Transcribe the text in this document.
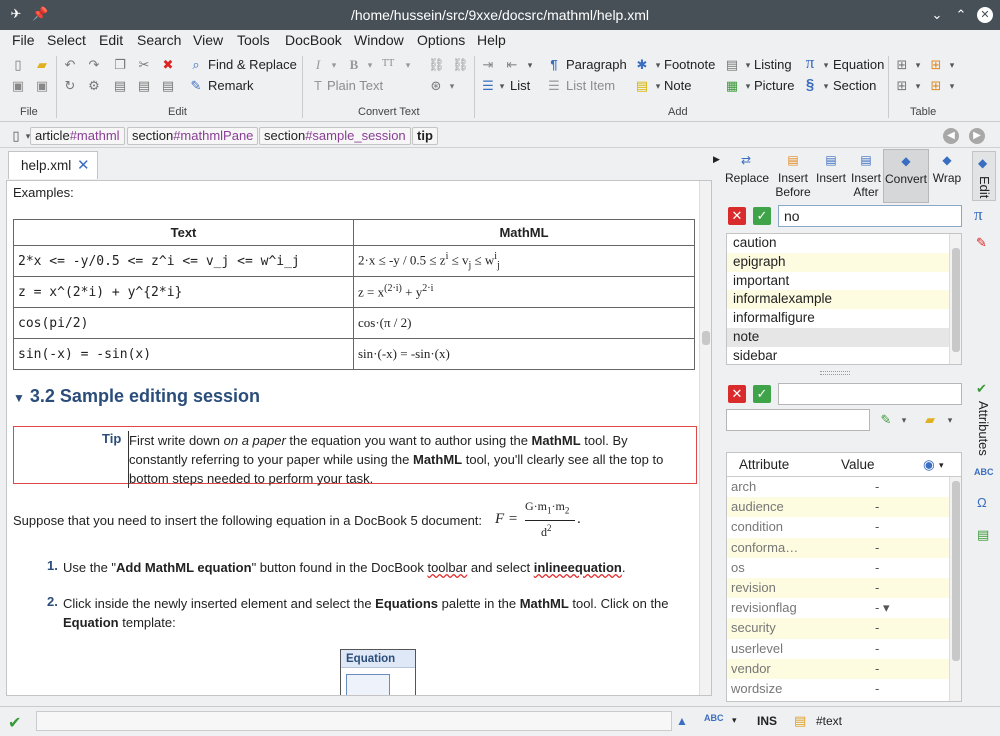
✈ 📌	/home/hussein/src/9xxe/docsrc/mathml/help.xml	⌄ ⌃	✕
File Select Edit Search View Tools DocBook Window Options Help
▯	▰
▣ ▣
File
↶ ↷ ❐ ✂ ✖
↻ ⚙ ▤ ▤ ▤
⌕ Find & Replace
✎ Remark
Edit
I	▾	B	▾ TT	▾	⛓ ⛓
T Plain Text	⊛ ▾
Convert Text
⇥ ⇤	▾	¶ Paragraph
☰ ▾ List ☰ List Item
✱ ▾ Footnote
▤ ▾ Note
▤ ▾ Listing
▦ ▾ Picture
π	▾ Equation
§	▾ Section
Add
⊞ ▾ ⊞ ▾
⊞ ▾ ⊞ ▾
Table
▯ ▾ article#mathml section#mathmlPane section#sample_session tip	◀	▶
help.xml ✕	▶
Examples:
Text	MathML
2*x <= -y/0.5 <= z^i <= v_j <= w^i_j	$2\cdot x \le -y / 0.5 \le z^i \le v_j \le w^i_j$
z = x^(2*i) + y^{2*i}	$z = x^{(2\cdot i)} + y^{2\cdot i}$
cos(pi/2)	cos·(π / 2)
sin(-x) = -sin(x)	sin·(-x) = -sin·(x)
▼ 3.2 Sample editing session
Tip First write down on a paper the equation you want to author using the MathML tool. By constantly referring to your paper while using the MathML tool, you'll clearly see all the top to bottom steps needed to perform your task.
Suppose that you need to insert the following equation in a DocBook 5 document: F =
$G\cdot m_1\cdot m_2$
$d^2$
.
1. Use the "Add MathML equation" button found in the DocBook toolbar and select inlineequation.
2. Click inside the newly inserted element and select the Equations palette in the MathML tool. Click on the Equation template:
Equation
⇄
Replace
▤
Insert
Before
▤
Insert
▤
Insert
After
◆
Convert
◆
Wrap
✕ ✓	no
caution
epigraph
important
informalexample
informalfigure
note
sidebar
✕ ✓
✎	▾	▰	▾
Attribute	Value	◉ ▾
arch	-
audience	-
condition	-
conforma…	-
os	-
revision	-
revisionflag	- ▾
security	-
userlevel	-
vendor	-
wordsize	-
Edit
◆
π
✎
✔
Attributes
ABC
Ω
▤
✔	▲ ABC ▾ INS ▤ #text
